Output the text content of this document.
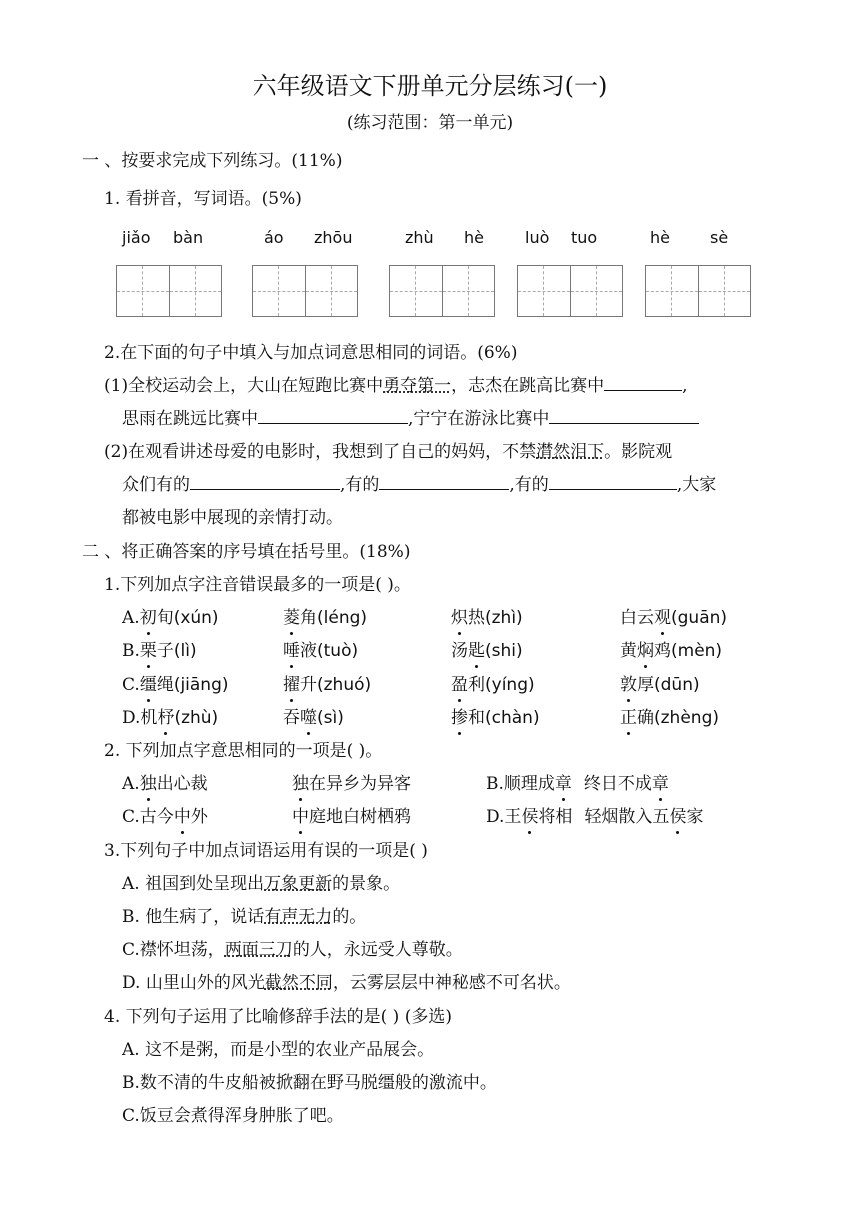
六年级语文下册单元分层练习(一)
(练习范围：第一单元)
一 、按要求完成下列练习。(11%)
1. 看拼音，写词语。(5%)
jiǎo bàn	áo zhōu	zhù hè	luò tuo	hè	sè
2.在下面的句子中填入与加点词意思相同的词语。(6%)
(1)全校运动会上，大山在短跑比赛中勇夺第一，志杰在跳高比赛中	,
思雨在跳远比赛中	,宁宁在游泳比赛中
(2)在观看讲述母爱的电影时，我想到了自己的妈妈，不禁潸然泪下。影院观
众们有的	,有的	,有的	,大家
都被电影中展现的亲情打动。
二 、将正确答案的序号填在括号里。(18%)
1.下列加点字注音错误最多的一项是( )。
A.初旬(xún)	菱角(léng)	炽热(zhì)	白云观(guān)
B.栗子(lì)	唾液(tuò)	汤匙(shi)	黄焖鸡(mèn)
C.缰绳(jiāng)	擢升(zhuó)	盈利(yíng)	敦厚(dūn)
D.机杼(zhù)	吞噬(sì)	掺和(chàn)	正确(zhèng)
2. 下列加点字意思相同的一项是( )。
A.独出心裁	独在异乡为异客	B.顺理成章 终日不成章
C.古今中外	中庭地白树栖鸦	D.王侯将相 轻烟散入五侯家
3.下列句子中加点词语运用有误的一项是( )
A. 祖国到处呈现出万象更新的景象。
B. 他生病了，说话有声无力的。
C.襟怀坦荡，两面三刀的人，永远受人尊敬。
D. 山里山外的风光截然不同，云雾层层中神秘感不可名状。
4. 下列句子运用了比喻修辞手法的是( ) (多选)
A. 这不是粥，而是小型的农业产品展会。
B.数不清的牛皮船被掀翻在野马脱缰般的激流中。
C.饭豆会煮得浑身肿胀了吧。
